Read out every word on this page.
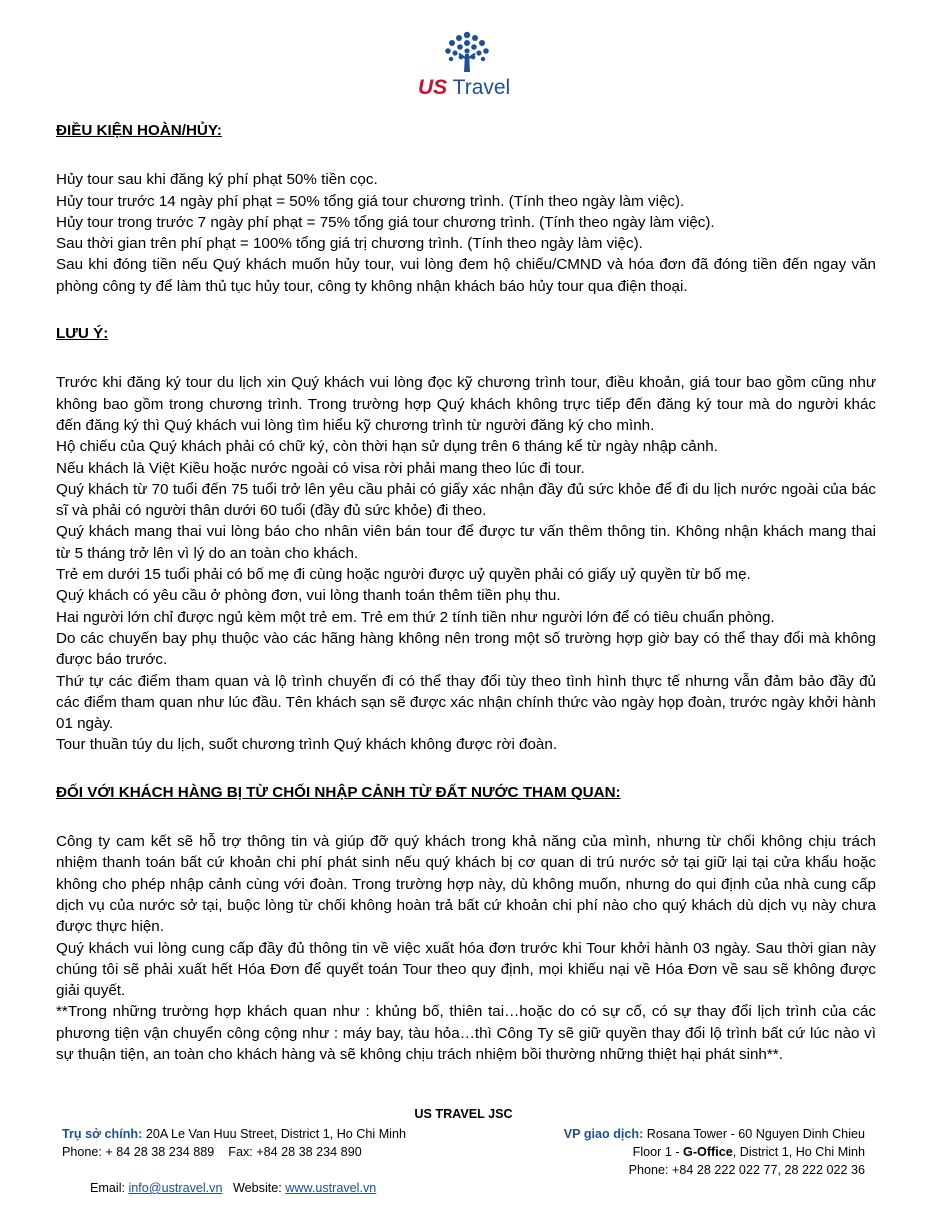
US Travel

ĐIỀU KIỆN HOÀN/HỦY:

Hủy tour sau khi đăng ký phí phạt 50% tiền cọc.

Hủy tour trước 14 ngày phí phạt = 50% tổng giá tour chương trình. (Tính theo ngày làm việc).

Hủy tour trong trước 7 ngày phí phạt = 75% tổng giá tour chương trình. (Tính theo ngày làm việc).

Sau thời gian trên phí phạt = 100% tổng giá trị chương trình. (Tính theo ngày làm việc).

Sau khi đóng tiền nếu Quý khách muốn hủy tour, vui lòng đem hộ chiếu/CMND và hóa đơn đã đóng tiền đến ngay văn phòng công ty để làm thủ tục hủy tour, công ty không nhận khách báo hủy tour qua điện thoại.

LƯU Ý:

Trước khi đăng ký tour du lịch xin Quý khách vui lòng đọc kỹ chương trình tour, điều khoản, giá tour bao gồm cũng như không bao gồm trong chương trình. Trong trường hợp Quý khách không trực tiếp đến đăng ký tour mà do người khác đến đăng ký thì Quý khách vui lòng tìm hiểu kỹ chương trình từ người đăng ký cho mình.

Hộ chiếu của Quý khách phải có chữ ký, còn thời hạn sử dụng trên 6 tháng kể từ ngày nhập cảnh.

Nếu khách là Việt Kiều hoặc nước ngoài có visa rời phải mang theo lúc đi tour.

Quý khách từ 70 tuổi đến 75 tuổi trở lên yêu cầu phải có giấy xác nhận đầy đủ sức khỏe để đi du lịch nước ngoài của bác sĩ và phải có người thân dưới 60 tuổi (đầy đủ sức khỏe) đi theo.

Quý khách mang thai vui lòng báo cho nhân viên bán tour để được tư vấn thêm thông tin. Không nhận khách mang thai từ 5 tháng trở lên vì lý do an toàn cho khách.

Trẻ em dưới 15 tuổi phải có bố mẹ đi cùng hoặc người được uỷ quyền phải có giấy uỷ quyền từ bố mẹ.

Quý khách có yêu cầu ở phòng đơn, vui lòng thanh toán thêm tiền phụ thu.

Hai người lớn chỉ được ngủ kèm một trẻ em. Trẻ em thứ 2 tính tiền như người lớn để có tiêu chuẩn phòng.

Do các chuyến bay phụ thuộc vào các hãng hàng không nên trong một số trường hợp giờ bay có thể thay đổi mà không được báo trước.

Thứ tự các điểm tham quan và lộ trình chuyến đi có thể thay đổi tùy theo tình hình thực tế nhưng vẫn đảm bảo đầy đủ các điểm tham quan như lúc đầu. Tên khách sạn sẽ được xác nhận chính thức vào ngày họp đoàn, trước ngày khởi hành 01 ngày.

Tour thuần túy du lịch, suốt chương trình Quý khách không được rời đoàn.

ĐỐI VỚI KHÁCH HÀNG BỊ TỪ CHỐI NHẬP CẢNH TỪ ĐẤT NƯỚC THAM QUAN:

Công ty cam kết sẽ hỗ trợ thông tin và giúp đỡ quý khách trong khả năng của mình, nhưng từ chối không chịu trách nhiệm thanh toán bất cứ khoản chi phí phát sinh nếu quý khách bị cơ quan di trú nước sở tại giữ lại tại cửa khẩu hoặc không cho phép nhập cảnh cùng với đoàn. Trong trường hợp này, dù không muốn, nhưng do qui định của nhà cung cấp dịch vụ của nước sở tại, buộc lòng từ chối không hoàn trả bất cứ khoản chi phí nào cho quý khách dù dịch vụ này chưa được thực hiện.

Quý khách vui lòng cung cấp đầy đủ thông tin về việc xuất hóa đơn trước khi Tour khởi hành 03 ngày. Sau thời gian này chúng tôi sẽ phải xuất hết Hóa Đơn để quyết toán Tour theo quy định, mọi khiếu nại về Hóa Đơn về sau sẽ không được giải quyết.

**Trong những trường hợp khách quan như : khủng bố, thiên tai…hoặc do có sự cố, có sự thay đổi lịch trình của các phương tiện vận chuyển công cộng như : máy bay, tàu hỏa…thì Công Ty sẽ giữ quyền thay đổi lộ trình bất cứ lúc nào vì sự thuận tiện, an toàn cho khách hàng và sẽ không chịu trách nhiệm bồi thường những thiệt hại phát sinh**.

US TRAVEL JSC
Trụ sở chính: 20A Le Van Huu Street, District 1, Ho Chi Minh
Phone: + 84 28 38 234 889    Fax: +84 28 38 234 890

Email: info@ustravel.vn   Website: www.ustravel.vn

VP giao dịch: Rosana Tower - 60 Nguyen Dinh Chieu
Floor 1 - G-Office, District 1, Ho Chi Minh
Phone: +84 28 222 022 77, 28 222 022 36
